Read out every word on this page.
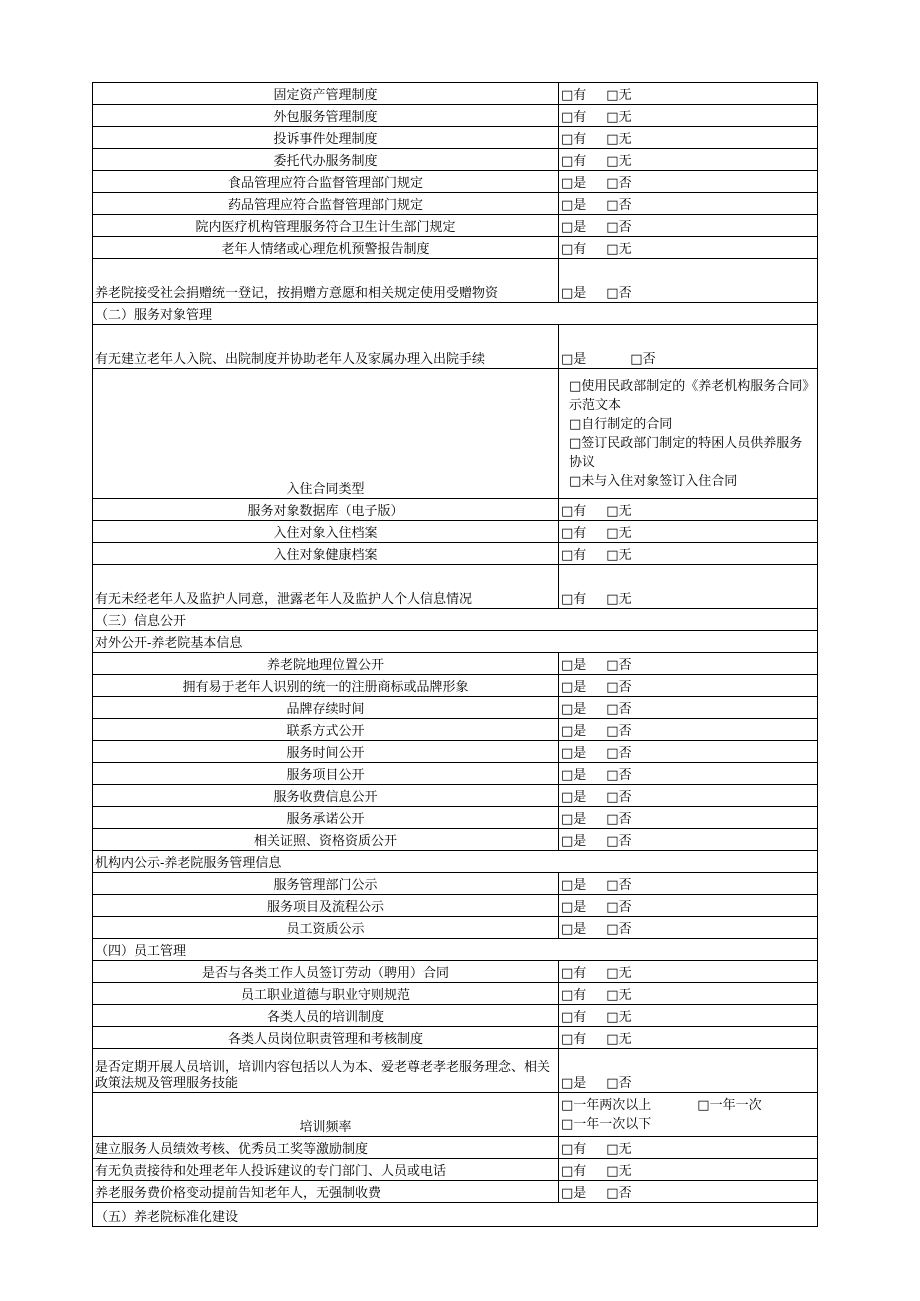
固定资产管理制度	□有 □无
外包服务管理制度	□有 □无
投诉事件处理制度	□有 □无
委托代办服务制度	□有 □无
食品管理应符合监督管理部门规定	□是 □否
药品管理应符合监督管理部门规定	□是 □否
院内医疗机构管理服务符合卫生计生部门规定	□是 □否
老年人情绪或心理危机预警报告制度	□有 □无
养老院接受社会捐赠统一登记，按捐赠方意愿和相关规定使用受赠物资	□是 □否
（二）服务对象管理	
有无建立老年人入院、出院制度并协助老年人及家属办理入出院手续	□是 □否
入住合同类型	□使用民政部制定的《养老机构服务合同》示范文本
□自行制定的合同
□签订民政部门制定的特困人员供养服务协议
□未与入住对象签订入住合同

服务对象数据库（电子版）	□有 □无
入住对象入住档案	□有 □无
入住对象健康档案	□有 □无
有无未经老年人及监护人同意，泄露老年人及监护人个人信息情况	□有 □无
（三）信息公开	
对外公开-养老院基本信息	
养老院地理位置公开	□是 □否
拥有易于老年人识别的统一的注册商标或品牌形象	□是 □否
品牌存续时间	□是 □否
联系方式公开	□是 □否
服务时间公开	□是 □否
服务项目公开	□是 □否
服务收费信息公开	□是 □否
服务承诺公开	□是 □否
相关证照、资格资质公开	□是 □否
机构内公示-养老院服务管理信息	
服务管理部门公示	□是 □否
服务项目及流程公示	□是 □否
员工资质公示	□是 □否
（四）员工管理	
是否与各类工作人员签订劳动（聘用）合同	□有 □无
员工职业道德与职业守则规范	□有 □无
各类人员的培训制度	□有 □无
各类人员岗位职责管理和考核制度	□有 □无
是否定期开展人员培训，培训内容包括以人为本、爱老尊老孝老服务理念、相关政策法规及管理服务技能	□是 □否
培训频率	□一年两次以上 □一年一次
□一年一次以下

建立服务人员绩效考核、优秀员工奖等激励制度	□有 □无
有无负责接待和处理老年人投诉建议的专门部门、人员或电话	□有 □无
养老服务费价格变动提前告知老年人，无强制收费	□是 □否
（五）养老院标准化建设	
